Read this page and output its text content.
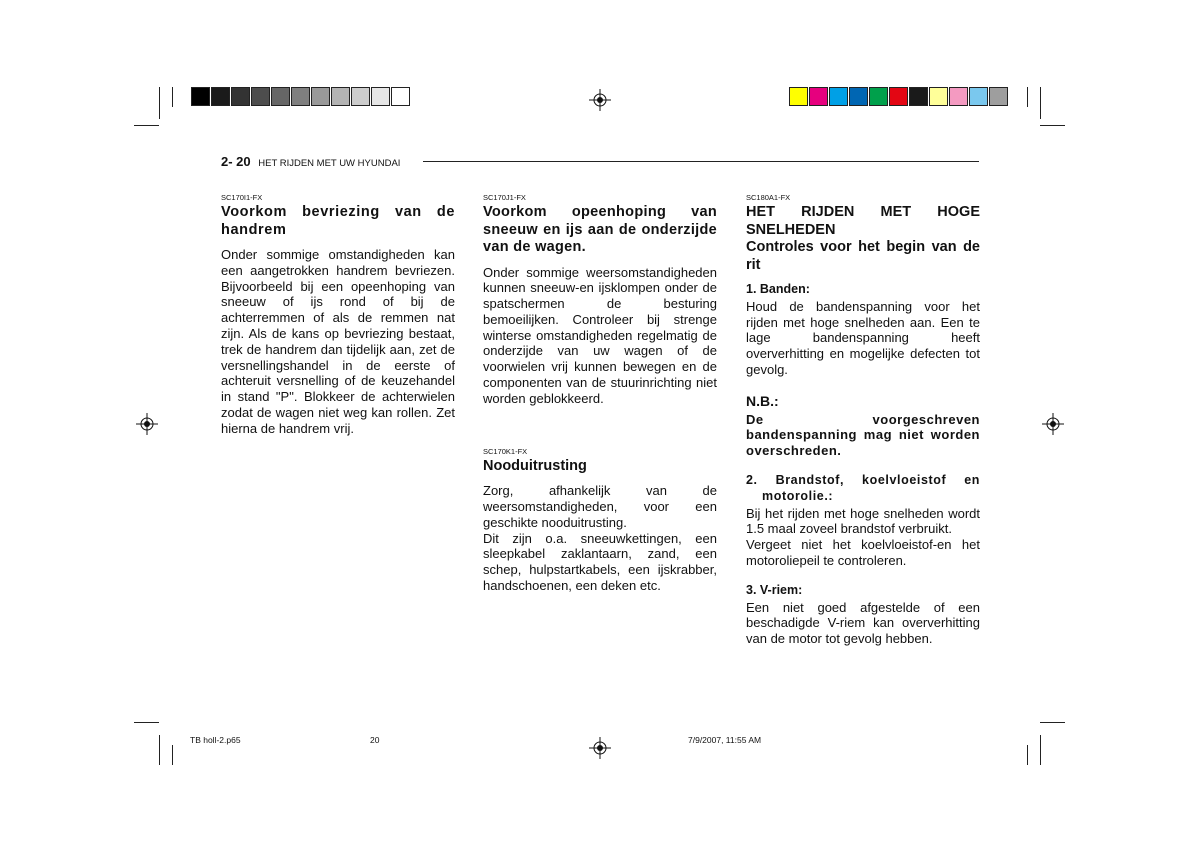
2- 20 HET RIJDEN MET UW HYUNDAI

SC170I1-FX

Voorkom bevriezing van de handrem

Onder sommige omstandigheden kan een aangetrokken handrem bevriezen. Bijvoorbeeld bij een opeenhoping van sneeuw of ijs rond of bij de achterremmen of als de remmen nat zijn. Als de kans op bevriezing bestaat, trek de handrem dan tijdelijk aan, zet de versnellingshandel in de eerste of achteruit versnelling of de keuzehandel in stand "P". Blokkeer de achterwielen zodat de wagen niet weg kan rollen. Zet hierna de handrem vrij.

SC170J1-FX

Voorkom opeenhoping van sneeuw en ijs aan de onderzijde van de wagen.

Onder sommige weersomstandigheden kunnen sneeuw-en ijsklompen onder de spatschermen de besturing bemoeilijken. Controleer bij strenge winterse omstandigheden regelmatig de onderzijde van uw wagen of de voorwielen vrij kunnen bewegen en de componenten van de stuurinrichting niet worden geblokkeerd.

SC170K1-FX

Nooduitrusting

Zorg, afhankelijk van de weersomstandigheden, voor een geschikte nooduitrusting.

Dit zijn o.a. sneeuwkettingen, een sleepkabel zaklantaarn, zand, een schep, hulpstartkabels, een ijskrabber, handschoenen, een deken etc.

SC180A1-FX

HET RIJDEN MET HOGE SNELHEDEN

Controles voor het begin van de rit

1. Banden:

Houd de bandenspanning voor het rijden met hoge snelheden aan. Een te lage bandenspanning heeft oververhitting en mogelijke defecten tot gevolg.

N.B.:

De voorgeschreven bandenspanning mag niet worden overschreden.

2. Brandstof, koelvloeistof en motorolie.:

Bij het rijden met hoge snelheden wordt 1.5 maal zoveel brandstof verbruikt.

Vergeet niet het koelvloeistof-en het motoroliepeil te controleren.

3. V-riem:

Een niet goed afgestelde of een beschadigde V-riem kan oververhitting van de motor tot gevolg hebben.

TB holl-2.p65	20	7/9/2007, 11:55 AM
